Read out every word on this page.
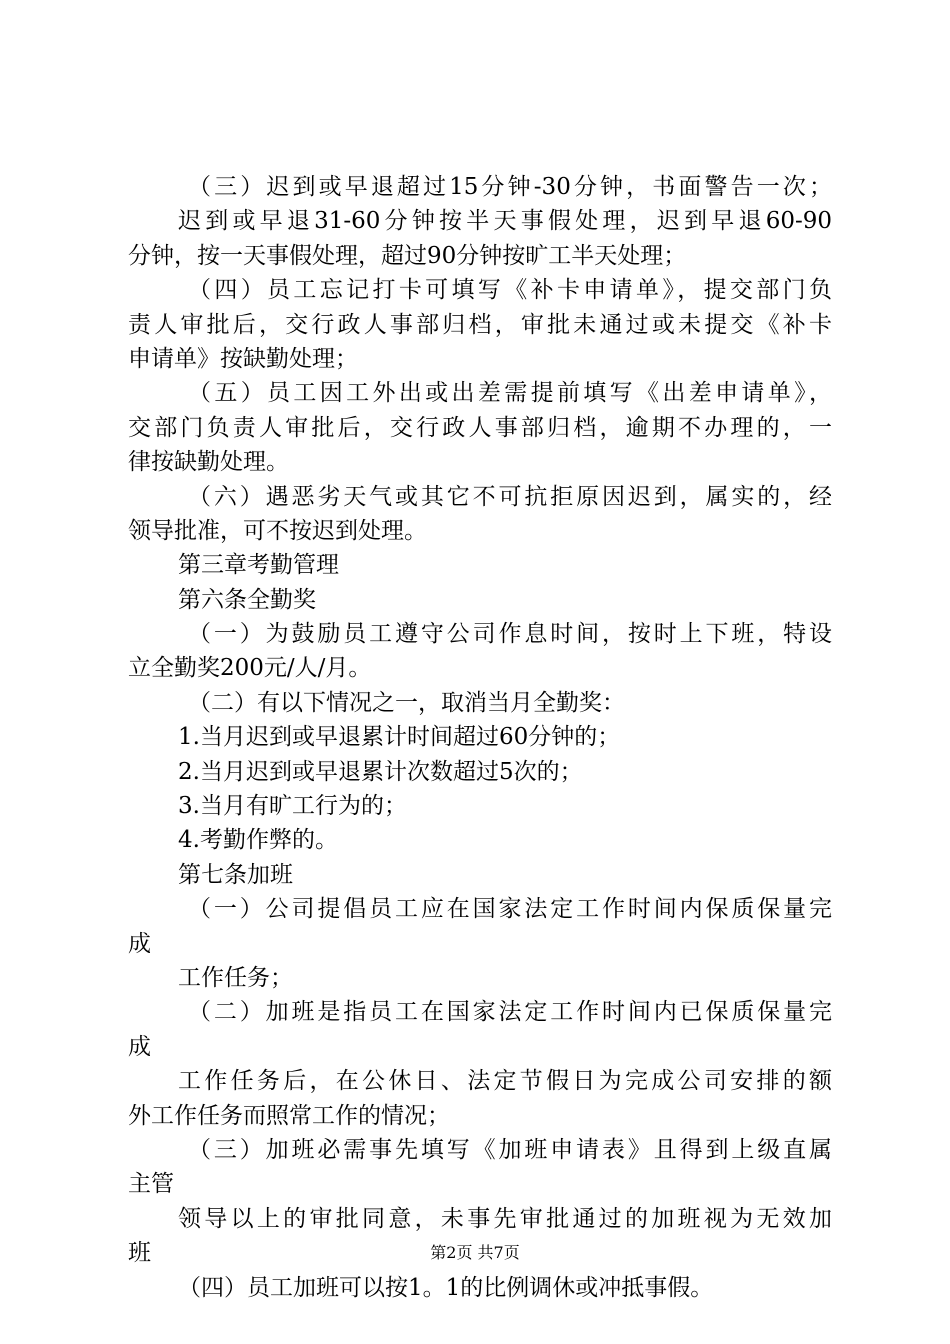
（三）迟到或早退超过15分钟-30分钟，书面警告一次；
迟到或早退31-60分钟按半天事假处理，迟到早退60-90
分钟，按一天事假处理，超过90分钟按旷工半天处理；
（四）员工忘记打卡可填写《补卡申请单》，提交部门负
责人审批后，交行政人事部归档，审批未通过或未提交《补卡
申请单》按缺勤处理；
（五）员工因工外出或出差需提前填写《出差申请单》，
交部门负责人审批后，交行政人事部归档，逾期不办理的，一
律按缺勤处理。
（六）遇恶劣天气或其它不可抗拒原因迟到，属实的，经
领导批准，可不按迟到处理。
第三章考勤管理
第六条全勤奖
（一）为鼓励员工遵守公司作息时间，按时上下班，特设
立全勤奖200元/人/月。
（二）有以下情况之一，取消当月全勤奖：
1.当月迟到或早退累计时间超过60分钟的；
2.当月迟到或早退累计次数超过5次的；
3.当月有旷工行为的；
4.考勤作弊的。
第七条加班
（一）公司提倡员工应在国家法定工作时间内保质保量完
成
工作任务；
（二）加班是指员工在国家法定工作时间内已保质保量完
成
工作任务后，在公休日、法定节假日为完成公司安排的额
外工作任务而照常工作的情况；
（三）加班必需事先填写《加班申请表》且得到上级直属
主管
领导以上的审批同意，未事先审批通过的加班视为无效加
班
（四）员工加班可以按1。1的比例调休或冲抵事假。
第2页 共7页
